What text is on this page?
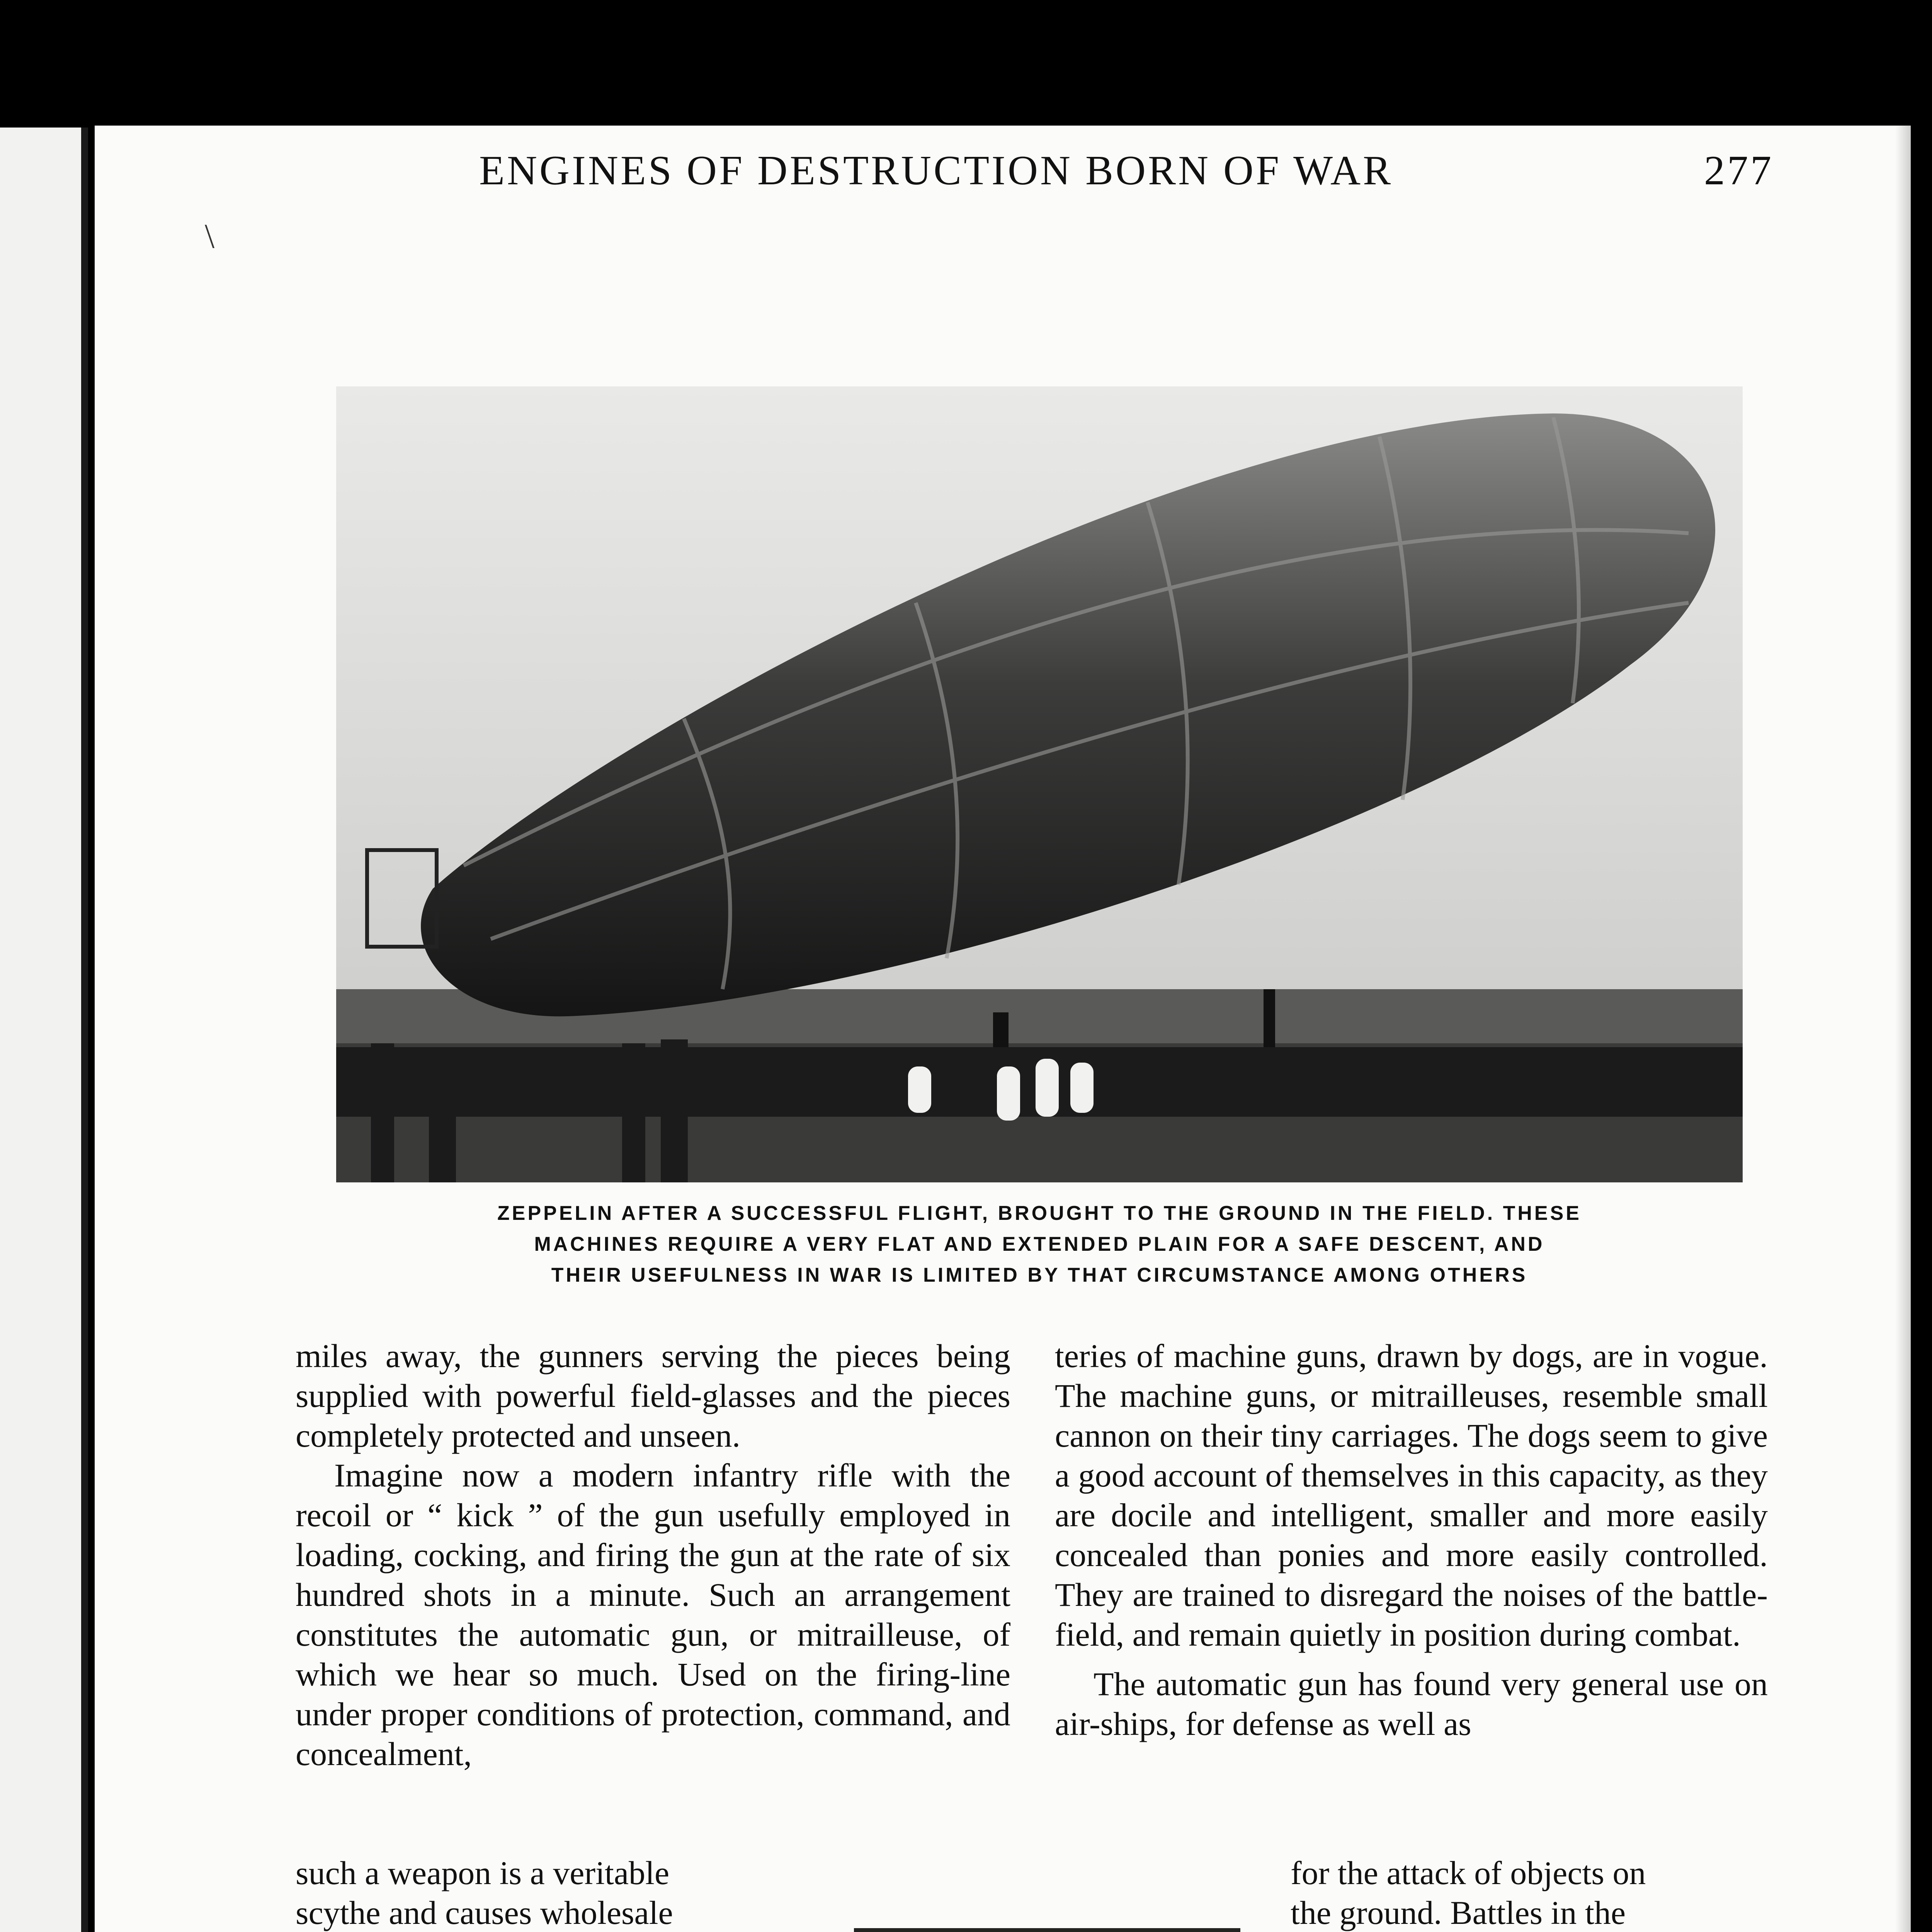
\
ENGINES OF DESTRUCTION BORN OF WAR	277
ZEPPELIN AFTER A SUCCESSFUL FLIGHT, BROUGHT TO THE GROUND IN THE FIELD. THESE
MACHINES REQUIRE A VERY FLAT AND EXTENDED PLAIN FOR A SAFE DESCENT, AND
THEIR USEFULNESS IN WAR IS LIMITED BY THAT CIRCUMSTANCE AMONG OTHERS

miles away, the gunners serving the pieces being supplied with powerful field-glasses and the pieces completely protected and unseen.

Imagine now a modern infantry rifle with the recoil or “ kick ” of the gun usefully employed in loading, cocking, and firing the gun at the rate of six hundred shots in a minute. Such an arrangement constitutes the automatic gun, or mitrailleuse, of which we hear so much. Used on the firing-line under proper conditions of protection, command, and concealment,

such a weapon is a veritable
scythe and causes wholesale

teries of machine guns, drawn by dogs, are in vogue. The machine guns, or mitrailleuses, resemble small cannon on their tiny carriages. The dogs seem to give a good account of themselves in this capacity, as they are docile and intelligent, smaller and more easily concealed than ponies and more easily controlled. They are trained to disregard the noises of the battle-field, and remain quietly in position during combat.

The automatic gun has found very general use on air-ships, for defense as well as

for the attack of objects on
the ground. Battles in the
